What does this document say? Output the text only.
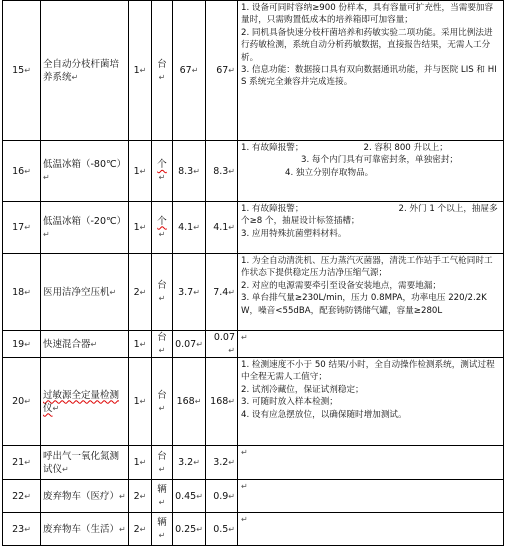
15↵	全自动分枝杆菌培养系统↵	1↵	台↵	67↵	67↵	1. 设备可同时容纳≥900 份样本，具有容量可扩充性，当需要加容量时，只需购置低成本的培养箱即可加容量；
2. 同机具备快速分枝杆菌培养和药敏实验二项功能。采用比例法进行药敏检测，系统自动分析药敏数据，直接报告结果，无需人工分析。
3. 信息功能：数据接口具有双向数据通讯功能，并与医院 LIS 和 HIS 系统完全兼容并完成连接。

16↵	低温冰箱（-80℃）↵	1↵	个↵	8.3↵	8.3↵	1. 有故障报警； 2. 容积 800 升以上； 3. 每个内门具有可靠密封条，单独密封；4. 独立分别存取物品。
17↵	低温冰箱（-20℃）↵	1↵	个↵	4.1↵	4.1↵	1. 有故障报警； 2. 外门 1 个以上，抽屉多个≥8 个，抽屉设计标签插槽；
3. 应用特殊抗菌塑料材料。

18↵	医用洁净空压机↵	2↵	台↵	3.7↵	7.4↵	1. 为全自动清洗机、压力蒸汽灭菌器，清洗工作站手工气枪同时工作状态下提供稳定压力洁净压缩气源；
2. 对应的电源需要牵引至设备安装地点，需要地漏；
3. 单台排气量≥230L/min，压力 0.8MPA，功率电压 220/2.2KW，噪音<55dBA，配套铸防锈储气罐，容量≥280L

19↵	快速混合器↵	1↵	台↵	0.07↵	0.07↵	↵
20↵	过敏源全定量检测仪↵	1↵	台↵	168↵	168↵	1. 检测速度不小于 50 结果/小时，全自动操作检测系统，测试过程中全程无需人工值守；
2. 试剂冷藏位，保证试剂稳定；
3. 可随时放入样本检测；
4. 设有应急摆放位，以确保随时增加测试。

21↵	呼出气一氧化氮测试仪↵	1↵	台↵	3.2↵	3.2↵	↵
22↵	废弃物车（医疗）↵	2↵	辆↵	0.45↵	0.9↵	↵
23↵	废弃物车（生活）↵	2↵	辆↵	0.25↵	0.5↵	↵
